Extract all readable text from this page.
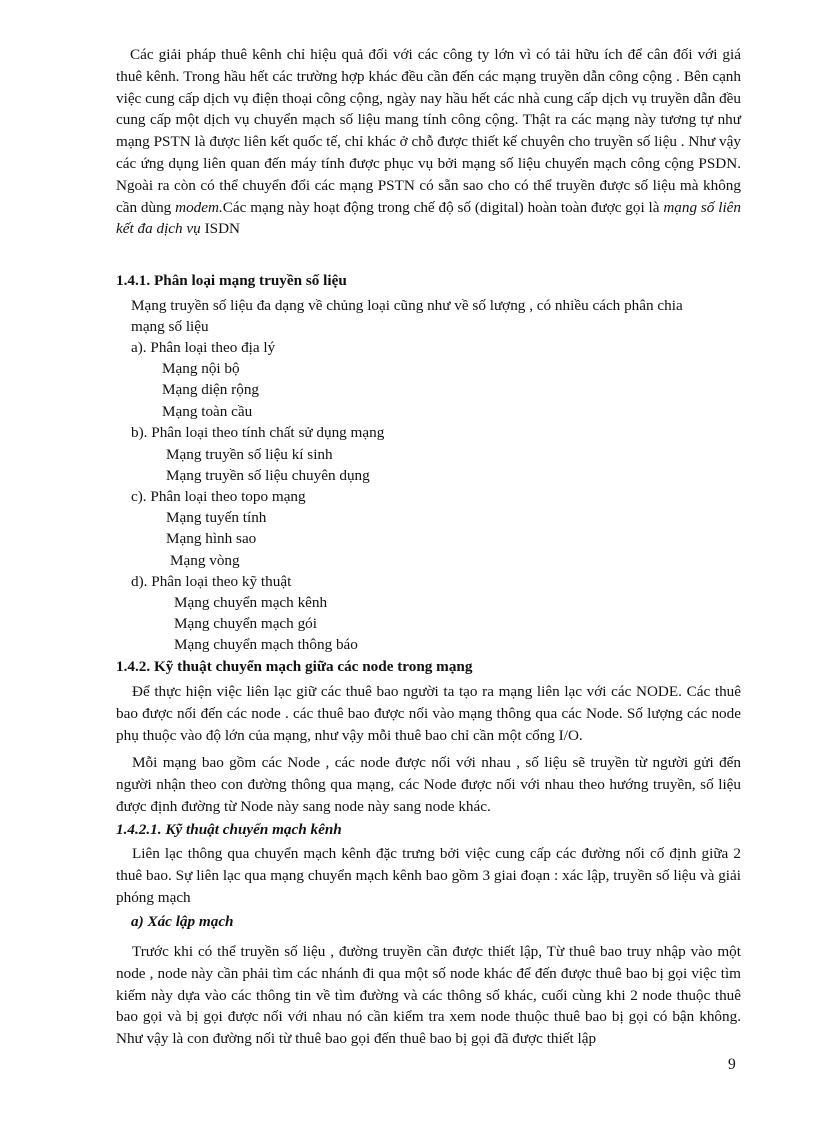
Các giải pháp thuê kênh chỉ hiệu quả đối với các công ty lớn vì có tải hữu ích để cân đối với giá thuê kênh. Trong hầu hết các trường hợp khác đều cần đến các mạng truyền dẫn công cộng . Bên cạnh việc cung cấp dịch vụ điện thoại công cộng, ngày nay hầu hết các nhà cung cấp dịch vụ truyền dẫn đều cung cấp một dịch vụ chuyển mạch số liệu mang tính công cộng. Thật ra các mạng này tương tự như mạng PSTN là được liên kết quốc tế, chỉ khác ở chỗ được thiết kế chuyên cho truyền số liệu . Như vậy các ứng dụng liên quan đến máy tính được phục vụ bởi mạng số liệu chuyển mạch công cộng PSDN. Ngoài ra còn có thể chuyển đổi các mạng PSTN có sẵn sao cho có thể truyền được số liệu mà không cần dùng modem.Các mạng này hoạt động trong chế độ số (digital) hoàn toàn được gọi là mạng số liên kết đa dịch vụ ISDN

1.4.1. Phân loại mạng truyền số liệu
Mạng truyền số liệu đa dạng về chủng loại cũng như về số lượng , có nhiều cách phân chia
mạng số liệu
a). Phân loại theo địa lý
Mạng nội bộ
Mạng diện rộng
Mạng toàn cầu
b). Phân loại theo tính chất sử dụng mạng
Mạng truyền số liệu kí sinh
Mạng truyền số liệu chuyên dụng
c). Phân loại theo topo mạng
Mạng tuyến tính
Mạng hình sao
Mạng vòng
d). Phân loại theo kỹ thuật
Mạng chuyển mạch kênh
Mạng chuyển mạch gói
Mạng chuyển mạch thông báo
1.4.2. Kỹ thuật chuyển mạch giữa các node trong mạng

Để thực hiện việc liên lạc giữ các thuê bao người ta tạo ra mạng liên lạc với các NODE. Các thuê bao được nối đến các node . các thuê bao được nối vào mạng thông qua các Node. Số lượng các node phụ thuộc vào độ lớn của mạng, như vậy mỗi thuê bao chỉ cần một cổng I/O.

Mỗi mạng bao gồm các Node , các node được nối với nhau , số liệu sẽ truyền từ người gửi đến người nhận theo con đường thông qua mạng, các Node được nối với nhau theo hướng truyền, số liệu được định đường từ Node này sang node này sang node khác.

1.4.2.1. Kỹ thuật chuyển mạch kênh

Liên lạc thông qua chuyển mạch kênh đặc trưng bởi việc cung cấp các đường nối cố định giữa 2 thuê bao. Sự liên lạc qua mạng chuyển mạch kênh bao gồm 3 giai đoạn : xác lập, truyền số liệu và giải phóng mạch

a) Xác lập mạch

Trước khi có thể truyền số liệu , đường truyền cần được thiết lập, Từ thuê bao truy nhập vào một node , node này cần phải tìm các nhánh đi qua một số node khác để đến được thuê bao bị gọi việc tìm kiếm này dựa vào các thông tin về tìm đường và các thông số khác, cuối cùng khi 2 node thuộc thuê bao gọi và bị gọi được nối với nhau nó cần kiểm tra xem node thuộc thuê bao bị gọi có bận không. Như vậy là con đường nối từ thuê bao gọi đến thuê bao bị gọi đã được thiết lập

9
